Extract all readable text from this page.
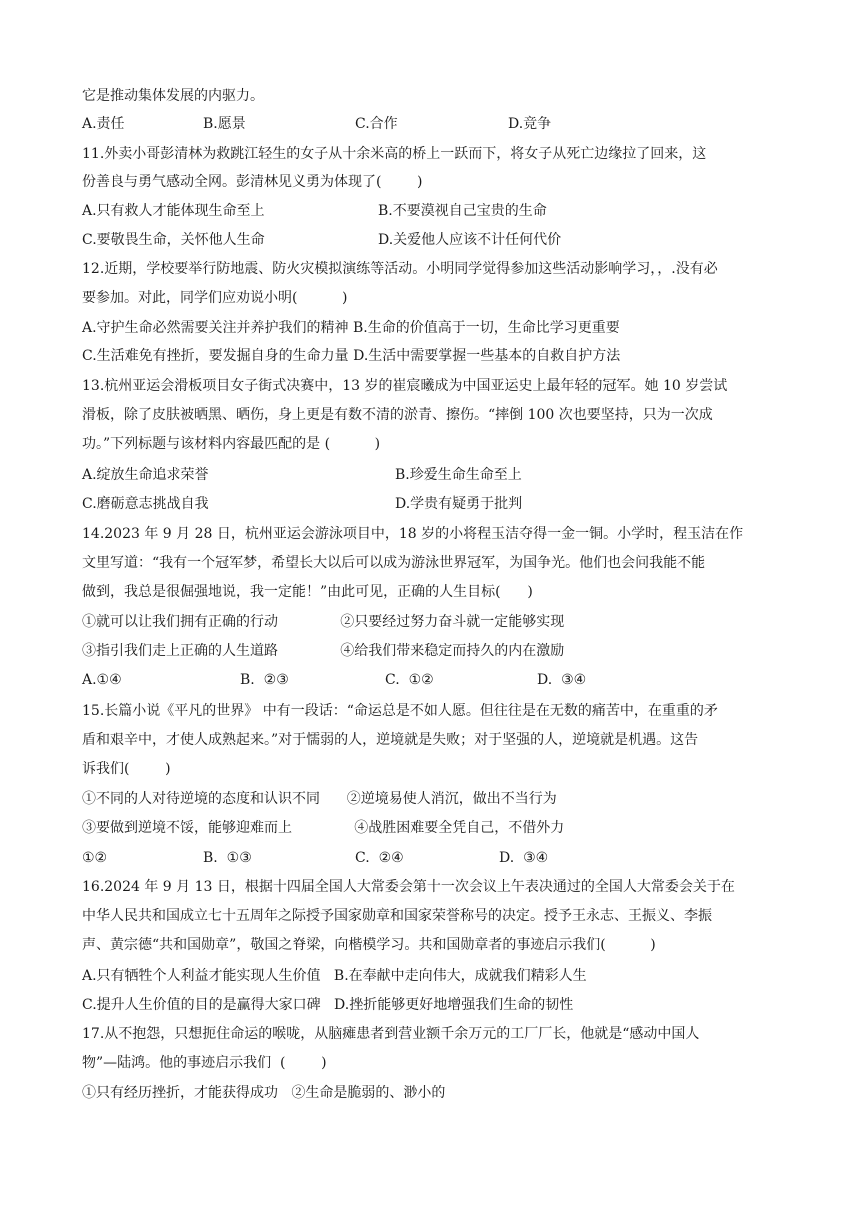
它是推动集体发展的内驱力。
A.责任	B.愿景	C.合作	D.竞争
11.外卖小哥彭清林为救跳江轻生的女子从十余米高的桥上一跃而下，将女子从死亡边缘拉了回来，这
份善良与勇气感动全网。彭清林见义勇为体现了(        )
A.只有救人才能体现生命至上	B.不要漠视自己宝贵的生命
C.要敬畏生命，关怀他人生命	D.关爱他人应该不计任何代价
12.近期，学校要举行防地震、防火灾模拟演练等活动。小明同学觉得参加这些活动影响学习，，.没有必
要参加。对此，同学们应劝说小明(          )
A.守护生命必然需要关注并养护我们的精神 B.生命的价值高于一切，生命比学习更重要
C.生活难免有挫折，要发掘自身的生命力量 D.生活中需要掌握一些基本的自救自护方法
13.杭州亚运会滑板项目女子街式决赛中，13 岁的崔宸曦成为中国亚运史上最年轻的冠军。她 10 岁尝试
滑板，除了皮肤被晒黑、晒伤，身上更是有数不清的淤青、擦伤。“摔倒 100 次也要坚持，只为一次成
功。”下列标题与该材料内容最匹配的是 (          )
A.绽放生命追求荣誉	B.珍爱生命生命至上
C.磨砺意志挑战自我	D.学贵有疑勇于批判
14.2023 年 9 月 28 日，杭州亚运会游泳项目中，18 岁的小将程玉洁夺得一金一铜。小学时，程玉洁在作
文里写道：“我有一个冠军梦，希望长大以后可以成为游泳世界冠军，为国争光。他们也会问我能不能
做到，我总是很倔强地说，我一定能！”由此可见，正确的人生目标(      )
①就可以让我们拥有正确的行动              ②只要经过努力奋斗就一定能够实现
③指引我们走上正确的人生道路              ④给我们带来稳定而持久的内在激励
A.①④	B.  ②③	C.  ①②	D.  ③④
15.长篇小说《平凡的世界》 中有一段话：“命运总是不如人愿。但往往是在无数的痛苦中，在重重的矛
盾和艰辛中，才使人成熟起来。”对于懦弱的人，逆境就是失败；对于坚强的人，逆境就是机遇。这告
诉我们(        )
①不同的人对待逆境的态度和认识不同      ②逆境易使人消沉，做出不当行为
③要做到逆境不馁，能够迎难而上              ④战胜困难要全凭自己，不借外力
①②	B.  ①③	C.  ②④	D.  ③④
16.2024 年 9 月 13 日，根据十四届全国人大常委会第十一次会议上午表决通过的全国人大常委会关于在
中华人民共和国成立七十五周年之际授予国家勋章和国家荣誉称号的决定。授予王永志、王振义、李振
声、黄宗德“共和国勋章”，敬国之脊梁，向楷模学习。共和国勋章者的事迹启示我们(          )
A.只有牺牲个人利益才能实现人生价值   B.在奉献中走向伟大，成就我们精彩人生
C.提升人生价值的目的是赢得大家口碑   D.挫折能够更好地增强我们生命的韧性
17.从不抱怨，只想扼住命运的喉咙，从脑瘫患者到营业额千余万元的工厂厂长，他就是“感动中国人
物”—陆鸿。他的事迹启示我们  (        )
①只有经历挫折，才能获得成功   ②生命是脆弱的、渺小的
